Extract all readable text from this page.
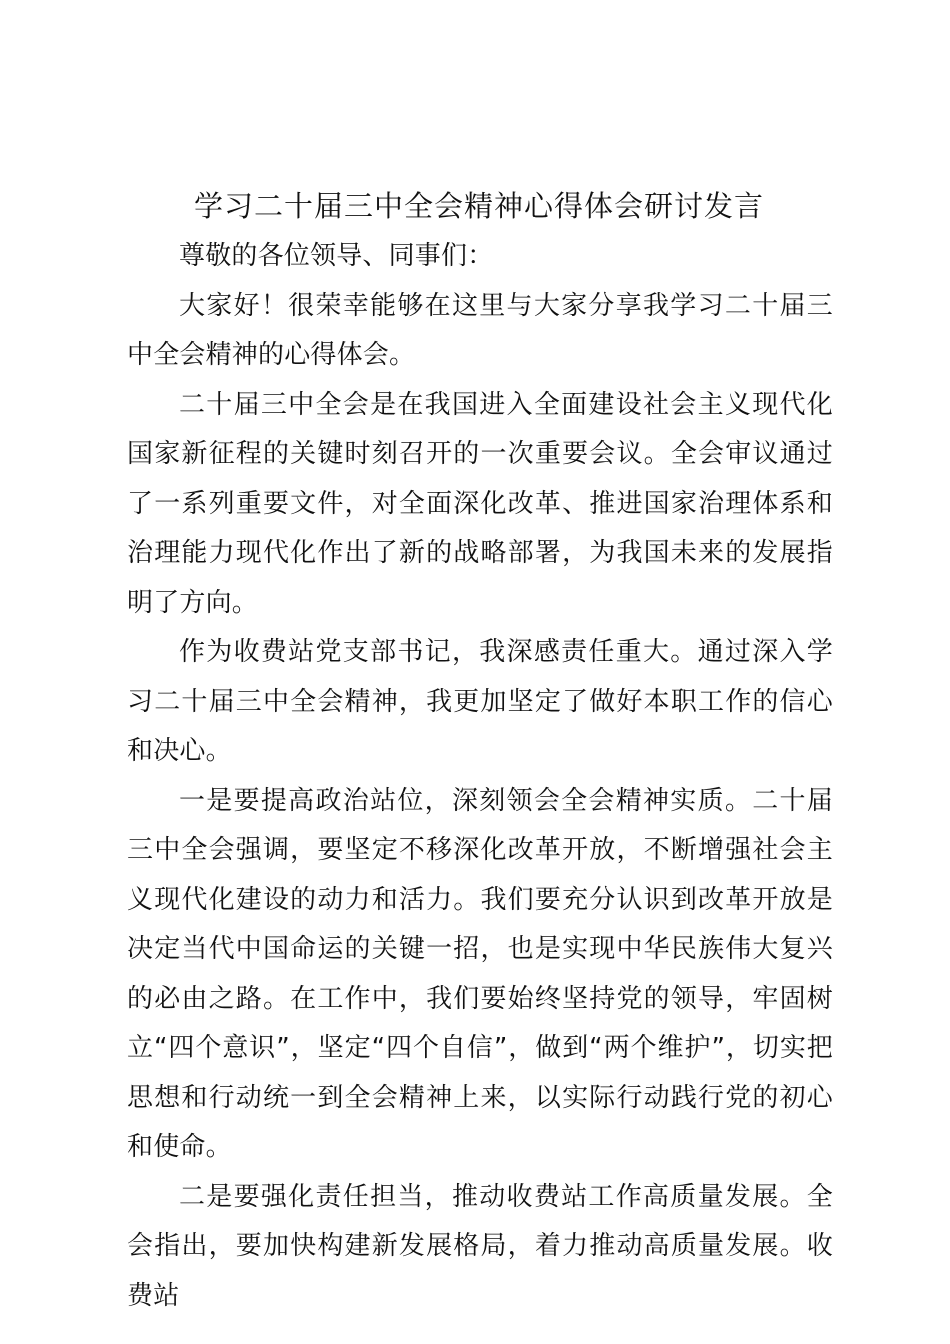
学习二十届三中全会精神心得体会研讨发言

尊敬的各位领导、同事们：

大家好！很荣幸能够在这里与大家分享我学习二十届三中全会精神的心得体会。

二十届三中全会是在我国进入全面建设社会主义现代化国家新征程的关键时刻召开的一次重要会议。全会审议通过了一系列重要文件，对全面深化改革、推进国家治理体系和治理能力现代化作出了新的战略部署，为我国未来的发展指明了方向。

作为收费站党支部书记，我深感责任重大。通过深入学习二十届三中全会精神，我更加坚定了做好本职工作的信心和决心。

一是要提高政治站位，深刻领会全会精神实质。二十届三中全会强调，要坚定不移深化改革开放，不断增强社会主义现代化建设的动力和活力。我们要充分认识到改革开放是决定当代中国命运的关键一招，也是实现中华民族伟大复兴的必由之路。在工作中，我们要始终坚持党的领导，牢固树立“四个意识”，坚定“四个自信”，做到“两个维护”，切实把思想和行动统一到全会精神上来，以实际行动践行党的初心和使命。

二是要强化责任担当，推动收费站工作高质量发展。全会指出，要加快构建新发展格局，着力推动高质量发展。收费站
